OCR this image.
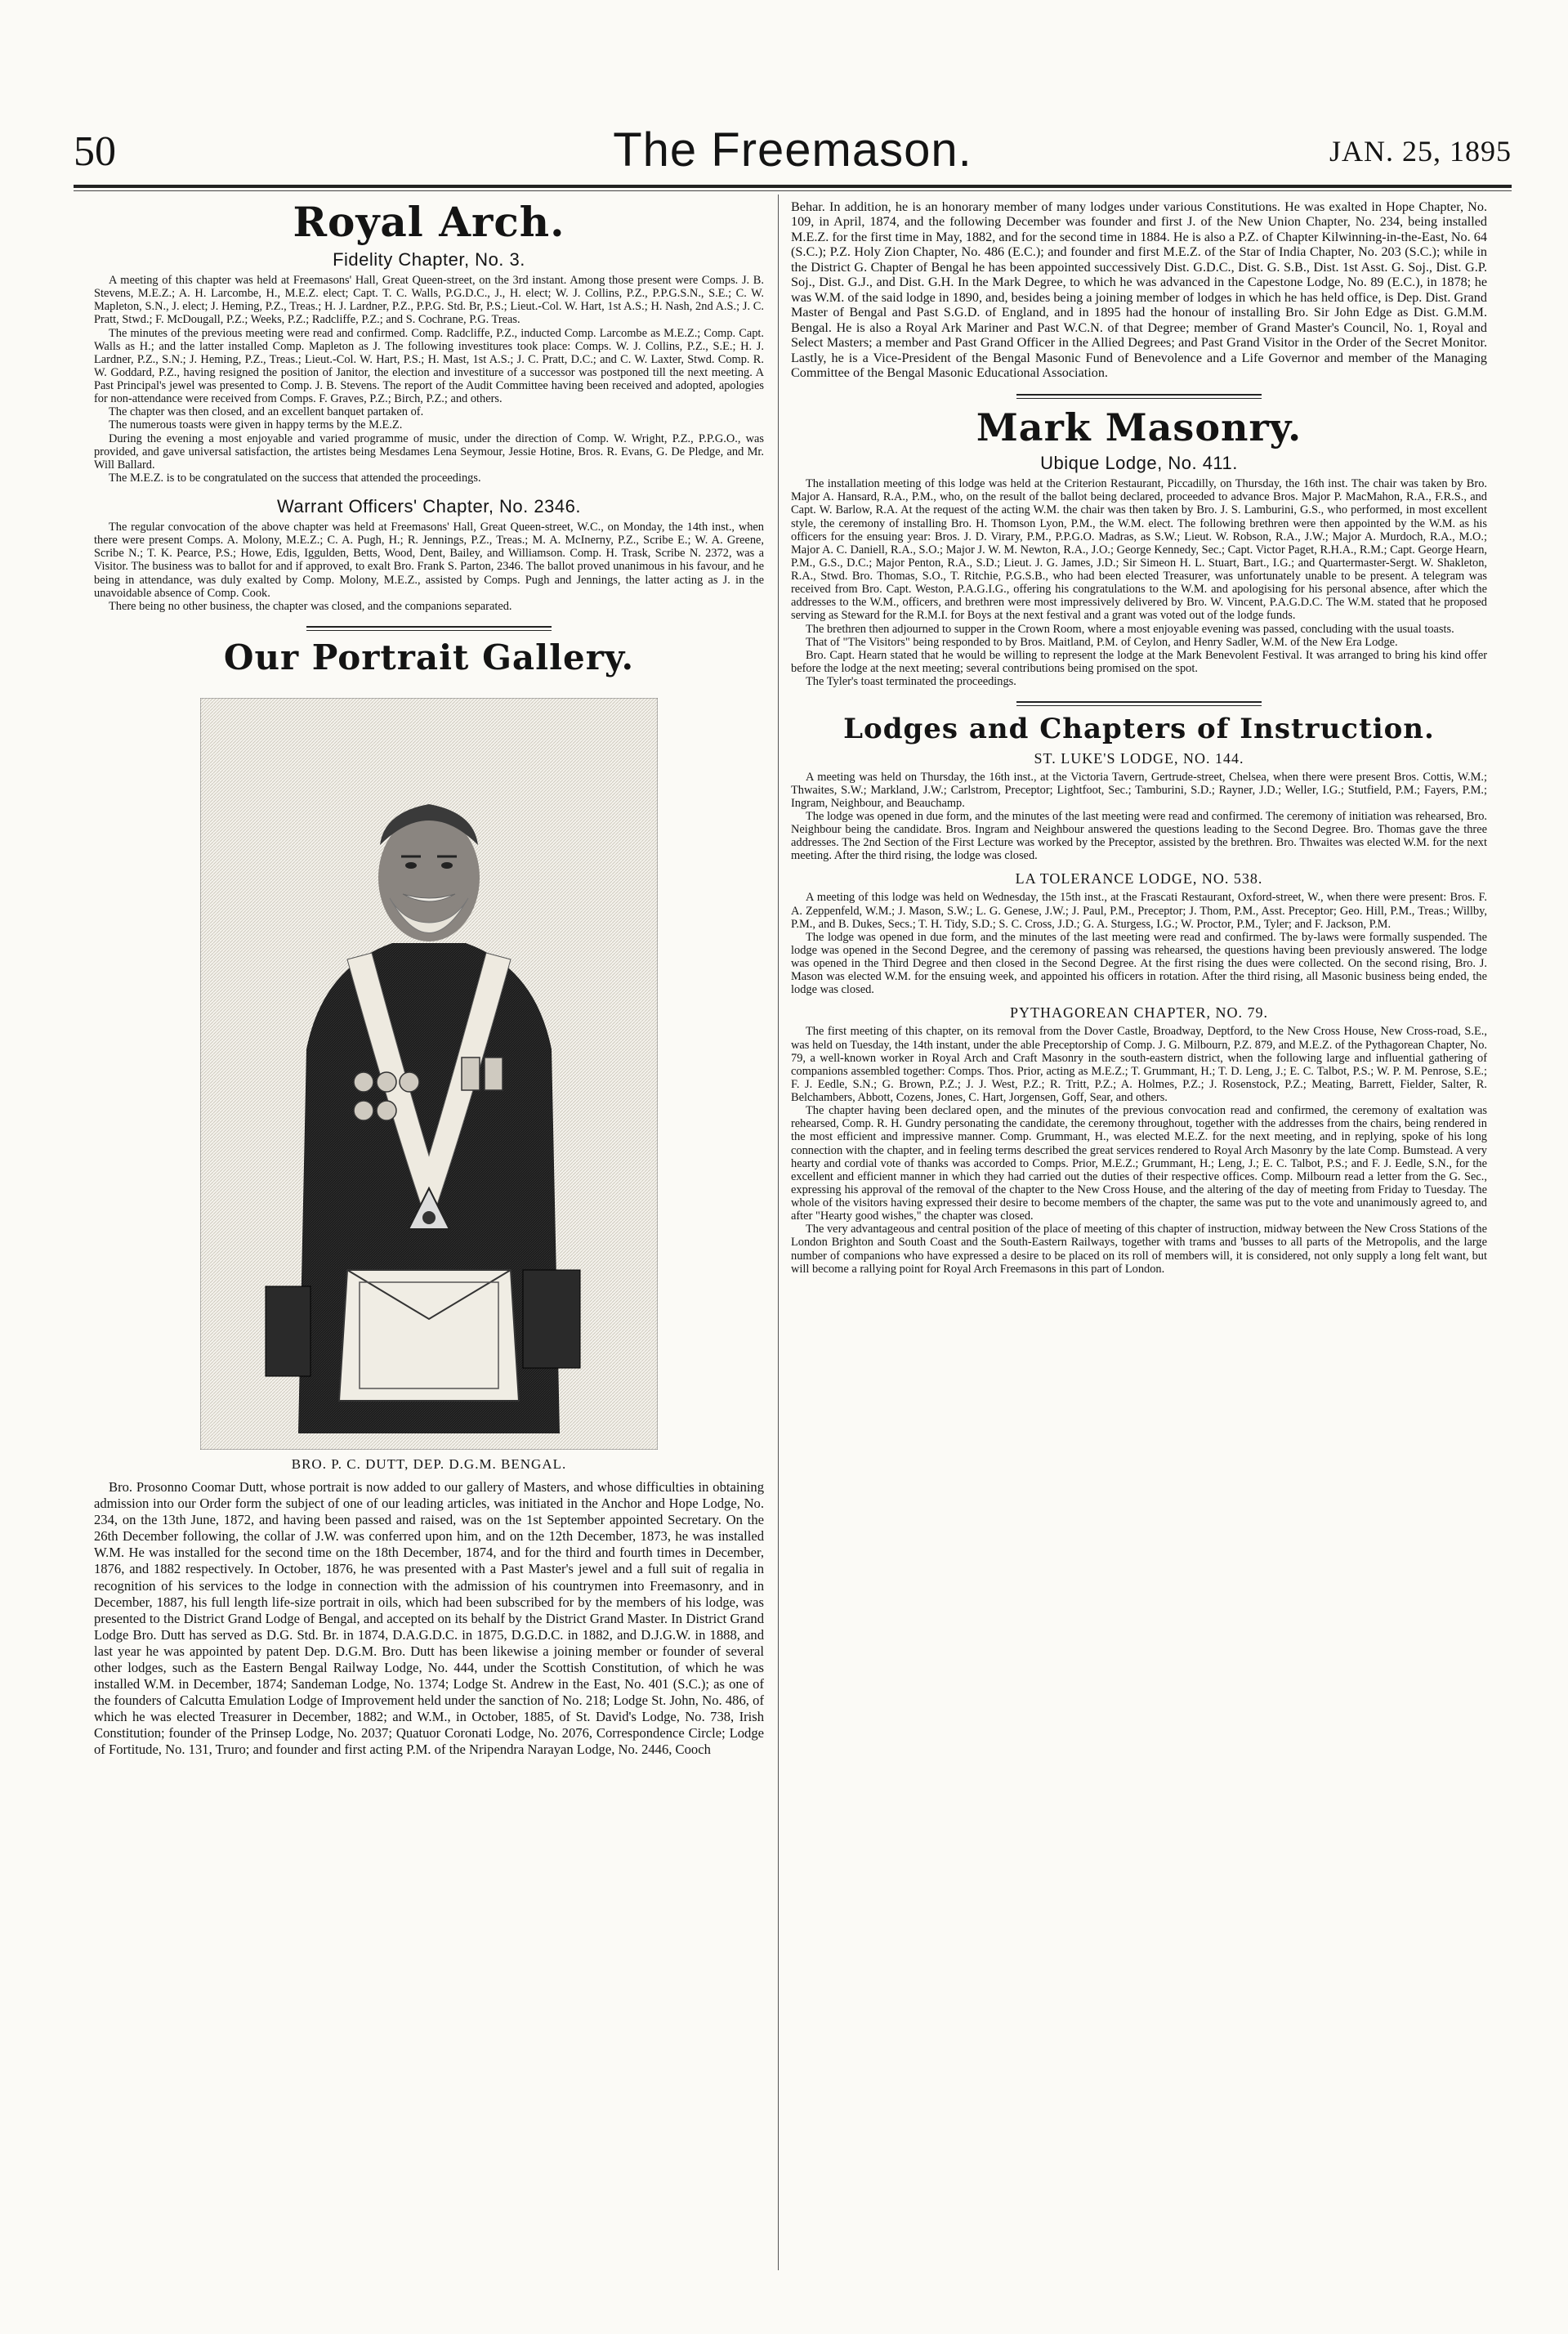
50	The Freemason.	JAN. 25, 1895
Royal Arch.
Fidelity Chapter, No. 3.

A meeting of this chapter was held at Freemasons' Hall, Great Queen-street, on the 3rd instant. Among those present were Comps. J. B. Stevens, M.E.Z.; A. H. Larcombe, H., M.E.Z. elect; Capt. T. C. Walls, P.G.D.C., J., H. elect; W. J. Collins, P.Z., P.P.G.S.N., S.E.; C. W. Mapleton, S.N., J. elect; J. Heming, P.Z., Treas.; H. J. Lardner, P.Z., P.P.G. Std. Br, P.S.; Lieut.-Col. W. Hart, 1st A.S.; H. Nash, 2nd A.S.; J. C. Pratt, Stwd.; F. McDougall, P.Z.; Weeks, P.Z.; Radcliffe, P.Z.; and S. Cochrane, P.G. Treas.

The minutes of the previous meeting were read and confirmed. Comp. Radcliffe, P.Z., inducted Comp. Larcombe as M.E.Z.; Comp. Capt. Walls as H.; and the latter installed Comp. Mapleton as J. The following investitures took place: Comps. W. J. Collins, P.Z., S.E.; H. J. Lardner, P.Z., S.N.; J. Heming, P.Z., Treas.; Lieut.-Col. W. Hart, P.S.; H. Mast, 1st A.S.; J. C. Pratt, D.C.; and C. W. Laxter, Stwd. Comp. R. W. Goddard, P.Z., having resigned the position of Janitor, the election and investiture of a successor was postponed till the next meeting. A Past Principal's jewel was presented to Comp. J. B. Stevens. The report of the Audit Committee having been received and adopted, apologies for non-attendance were received from Comps. F. Graves, P.Z.; Birch, P.Z.; and others.

The chapter was then closed, and an excellent banquet partaken of.

The numerous toasts were given in happy terms by the M.E.Z.

During the evening a most enjoyable and varied programme of music, under the direction of Comp. W. Wright, P.Z., P.P.G.O., was provided, and gave universal satisfaction, the artistes being Mesdames Lena Seymour, Jessie Hotine, Bros. R. Evans, G. De Pledge, and Mr. Will Ballard.

The M.E.Z. is to be congratulated on the success that attended the proceedings.

Warrant Officers' Chapter, No. 2346.

The regular convocation of the above chapter was held at Freemasons' Hall, Great Queen-street, W.C., on Monday, the 14th inst., when there were present Comps. A. Molony, M.E.Z.; C. A. Pugh, H.; R. Jennings, P.Z., Treas.; M. A. McInerny, P.Z., Scribe E.; W. A. Greene, Scribe N.; T. K. Pearce, P.S.; Howe, Edis, Iggulden, Betts, Wood, Dent, Bailey, and Williamson. Comp. H. Trask, Scribe N. 2372, was a Visitor. The business was to ballot for and if approved, to exalt Bro. Frank S. Parton, 2346. The ballot proved unanimous in his favour, and he being in attendance, was duly exalted by Comp. Molony, M.E.Z., assisted by Comps. Pugh and Jennings, the latter acting as J. in the unavoidable absence of Comp. Cook.

There being no other business, the chapter was closed, and the companions separated.

Our Portrait Gallery.
BRO. P. C. DUTT, DEP. D.G.M. BENGAL.

Bro. Prosonno Coomar Dutt, whose portrait is now added to our gallery of Masters, and whose difficulties in obtaining admission into our Order form the subject of one of our leading articles, was initiated in the Anchor and Hope Lodge, No. 234, on the 13th June, 1872, and having been passed and raised, was on the 1st September appointed Secretary. On the 26th December following, the collar of J.W. was conferred upon him, and on the 12th December, 1873, he was installed W.M. He was installed for the second time on the 18th December, 1874, and for the third and fourth times in December, 1876, and 1882 respectively. In October, 1876, he was presented with a Past Master's jewel and a full suit of regalia in recognition of his services to the lodge in connection with the admission of his countrymen into Freemasonry, and in December, 1887, his full length life-size portrait in oils, which had been subscribed for by the members of his lodge, was presented to the District Grand Lodge of Bengal, and accepted on its behalf by the District Grand Master. In District Grand Lodge Bro. Dutt has served as D.G. Std. Br. in 1874, D.A.G.D.C. in 1875, D.G.D.C. in 1882, and D.J.G.W. in 1888, and last year he was appointed by patent Dep. D.G.M. Bro. Dutt has been likewise a joining member or founder of several other lodges, such as the Eastern Bengal Railway Lodge, No. 444, under the Scottish Constitution, of which he was installed W.M. in December, 1874; Sandeman Lodge, No. 1374; Lodge St. Andrew in the East, No. 401 (S.C.); as one of the founders of Calcutta Emulation Lodge of Improvement held under the sanction of No. 218; Lodge St. John, No. 486, of which he was elected Treasurer in December, 1882; and W.M., in October, 1885, of St. David's Lodge, No. 738, Irish Constitution; founder of the Prinsep Lodge, No. 2037; Quatuor Coronati Lodge, No. 2076, Correspondence Circle; Lodge of Fortitude, No. 131, Truro; and founder and first acting P.M. of the Nripendra Narayan Lodge, No. 2446, Cooch

Behar. In addition, he is an honorary member of many lodges under various Constitutions. He was exalted in Hope Chapter, No. 109, in April, 1874, and the following December was founder and first J. of the New Union Chapter, No. 234, being installed M.E.Z. for the first time in May, 1882, and for the second time in 1884. He is also a P.Z. of Chapter Kilwinning-in-the-East, No. 64 (S.C.); P.Z. Holy Zion Chapter, No. 486 (E.C.); and founder and first M.E.Z. of the Star of India Chapter, No. 203 (S.C.); while in the District G. Chapter of Bengal he has been appointed successively Dist. G.D.C., Dist. G. S.B., Dist. 1st Asst. G. Soj., Dist. G.P. Soj., Dist. G.J., and Dist. G.H. In the Mark Degree, to which he was advanced in the Capestone Lodge, No. 89 (E.C.), in 1878; he was W.M. of the said lodge in 1890, and, besides being a joining member of lodges in which he has held office, is Dep. Dist. Grand Master of Bengal and Past S.G.D. of England, and in 1895 had the honour of installing Bro. Sir John Edge as Dist. G.M.M. Bengal. He is also a Royal Ark Mariner and Past W.C.N. of that Degree; member of Grand Master's Council, No. 1, Royal and Select Masters; a member and Past Grand Officer in the Allied Degrees; and Past Grand Visitor in the Order of the Secret Monitor. Lastly, he is a Vice-President of the Bengal Masonic Fund of Benevolence and a Life Governor and member of the Managing Committee of the Bengal Masonic Educational Association.

Mark Masonry.
Ubique Lodge, No. 411.

The installation meeting of this lodge was held at the Criterion Restaurant, Piccadilly, on Thursday, the 16th inst. The chair was taken by Bro. Major A. Hansard, R.A., P.M., who, on the result of the ballot being declared, proceeded to advance Bros. Major P. MacMahon, R.A., F.R.S., and Capt. W. Barlow, R.A. At the request of the acting W.M. the chair was then taken by Bro. J. S. Lamburini, G.S., who performed, in most excellent style, the ceremony of installing Bro. H. Thomson Lyon, P.M., the W.M. elect. The following brethren were then appointed by the W.M. as his officers for the ensuing year: Bros. J. D. Virary, P.M., P.P.G.O. Madras, as S.W.; Lieut. W. Robson, R.A., J.W.; Major A. Murdoch, R.A., M.O.; Major A. C. Daniell, R.A., S.O.; Major J. W. M. Newton, R.A., J.O.; George Kennedy, Sec.; Capt. Victor Paget, R.H.A., R.M.; Capt. George Hearn, P.M., G.S., D.C.; Major Penton, R.A., S.D.; Lieut. J. G. James, J.D.; Sir Simeon H. L. Stuart, Bart., I.G.; and Quartermaster-Sergt. W. Shakleton, R.A., Stwd. Bro. Thomas, S.O., T. Ritchie, P.G.S.B., who had been elected Treasurer, was unfortunately unable to be present. A telegram was received from Bro. Capt. Weston, P.A.G.I.G., offering his congratulations to the W.M. and apologising for his personal absence, after which the addresses to the W.M., officers, and brethren were most impressively delivered by Bro. W. Vincent, P.A.G.D.C. The W.M. stated that he proposed serving as Steward for the R.M.I. for Boys at the next festival and a grant was voted out of the lodge funds.

The brethren then adjourned to supper in the Crown Room, where a most enjoyable evening was passed, concluding with the usual toasts.

That of "The Visitors" being responded to by Bros. Maitland, P.M. of Ceylon, and Henry Sadler, W.M. of the New Era Lodge.

Bro. Capt. Hearn stated that he would be willing to represent the lodge at the Mark Benevolent Festival. It was arranged to bring his kind offer before the lodge at the next meeting; several contributions being promised on the spot.

The Tyler's toast terminated the proceedings.

Lodges and Chapters of Instruction.
ST. LUKE'S LODGE, NO. 144.

A meeting was held on Thursday, the 16th inst., at the Victoria Tavern, Gertrude-street, Chelsea, when there were present Bros. Cottis, W.M.; Thwaites, S.W.; Markland, J.W.; Carlstrom, Preceptor; Lightfoot, Sec.; Tamburini, S.D.; Rayner, J.D.; Weller, I.G.; Stutfield, P.M.; Fayers, P.M.; Ingram, Neighbour, and Beauchamp.

The lodge was opened in due form, and the minutes of the last meeting were read and confirmed. The ceremony of initiation was rehearsed, Bro. Neighbour being the candidate. Bros. Ingram and Neighbour answered the questions leading to the Second Degree. Bro. Thomas gave the three addresses. The 2nd Section of the First Lecture was worked by the Preceptor, assisted by the brethren. Bro. Thwaites was elected W.M. for the next meeting. After the third rising, the lodge was closed.

LA TOLERANCE LODGE, NO. 538.

A meeting of this lodge was held on Wednesday, the 15th inst., at the Frascati Restaurant, Oxford-street, W., when there were present: Bros. F. A. Zeppenfeld, W.M.; J. Mason, S.W.; L. G. Genese, J.W.; J. Paul, P.M., Preceptor; J. Thom, P.M., Asst. Preceptor; Geo. Hill, P.M., Treas.; Willby, P.M., and B. Dukes, Secs.; T. H. Tidy, S.D.; S. C. Cross, J.D.; G. A. Sturgess, I.G.; W. Proctor, P.M., Tyler; and F. Jackson, P.M.

The lodge was opened in due form, and the minutes of the last meeting were read and confirmed. The by-laws were formally suspended. The lodge was opened in the Second Degree, and the ceremony of passing was rehearsed, the questions having been previously answered. The lodge was opened in the Third Degree and then closed in the Second Degree. At the first rising the dues were collected. On the second rising, Bro. J. Mason was elected W.M. for the ensuing week, and appointed his officers in rotation. After the third rising, all Masonic business being ended, the lodge was closed.

PYTHAGOREAN CHAPTER, NO. 79.

The first meeting of this chapter, on its removal from the Dover Castle, Broadway, Deptford, to the New Cross House, New Cross-road, S.E., was held on Tuesday, the 14th instant, under the able Preceptorship of Comp. J. G. Milbourn, P.Z. 879, and M.E.Z. of the Pythagorean Chapter, No. 79, a well-known worker in Royal Arch and Craft Masonry in the south-eastern district, when the following large and influential gathering of companions assembled together: Comps. Thos. Prior, acting as M.E.Z.; T. Grummant, H.; T. D. Leng, J.; E. C. Talbot, P.S.; W. P. M. Penrose, S.E.; F. J. Eedle, S.N.; G. Brown, P.Z.; J. J. West, P.Z.; R. Tritt, P.Z.; A. Holmes, P.Z.; J. Rosenstock, P.Z.; Meating, Barrett, Fielder, Salter, R. Belchambers, Abbott, Cozens, Jones, C. Hart, Jorgensen, Goff, Sear, and others.

The chapter having been declared open, and the minutes of the previous convocation read and confirmed, the ceremony of exaltation was rehearsed, Comp. R. H. Gundry personating the candidate, the ceremony throughout, together with the addresses from the chairs, being rendered in the most efficient and impressive manner. Comp. Grummant, H., was elected M.E.Z. for the next meeting, and in replying, spoke of his long connection with the chapter, and in feeling terms described the great services rendered to Royal Arch Masonry by the late Comp. Bumstead. A very hearty and cordial vote of thanks was accorded to Comps. Prior, M.E.Z.; Grummant, H.; Leng, J.; E. C. Talbot, P.S.; and F. J. Eedle, S.N., for the excellent and efficient manner in which they had carried out the duties of their respective offices. Comp. Milbourn read a letter from the G. Sec., expressing his approval of the removal of the chapter to the New Cross House, and the altering of the day of meeting from Friday to Tuesday. The whole of the visitors having expressed their desire to become members of the chapter, the same was put to the vote and unanimously agreed to, and after "Hearty good wishes," the chapter was closed.

The very advantageous and central position of the place of meeting of this chapter of instruction, midway between the New Cross Stations of the London Brighton and South Coast and the South-Eastern Railways, together with trams and 'busses to all parts of the Metropolis, and the large number of companions who have expressed a desire to be placed on its roll of members will, it is considered, not only supply a long felt want, but will become a rallying point for Royal Arch Freemasons in this part of London.
